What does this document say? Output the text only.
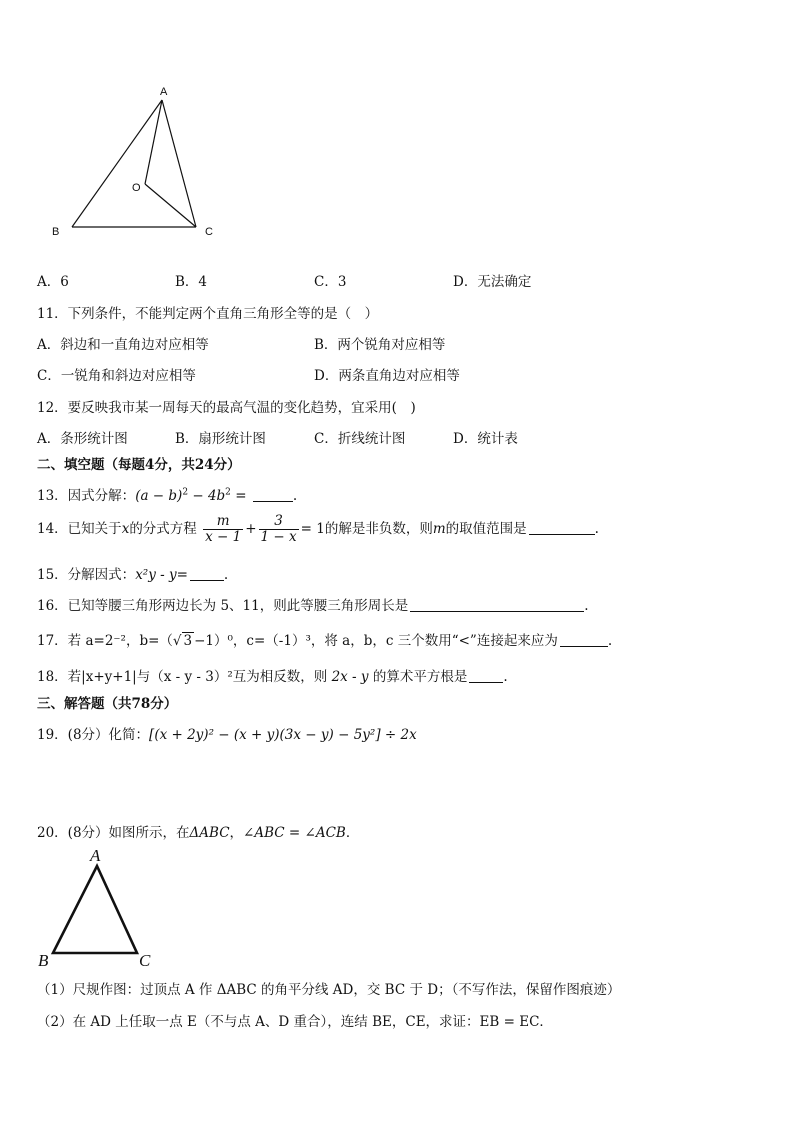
A
O
B	C
A．6	B．4	C．3	D．无法确定
11．下列条件，不能判定两个直角三角形全等的是（　）
A．斜边和一直角边对应相等	B．两个锐角对应相等
C．一锐角和斜边对应相等	D．两条直角边对应相等
12．要反映我市某一周每天的最高气温的变化趋势，宜采用(　)
A．条形统计图	B．扇形统计图	C．折线统计图	D．统计表
二、填空题（每题4分，共24分）
13．因式分解：$(a - b)^2 - 4b^2$ =	.
14．已知关于x的分式方程 $\frac{m}{x - 1} + \frac{3}{1 - x} = 1$的解是非负数，则m的取值范围是	.
15．分解因式：x²y - y=	.
16．已知等腰三角形两边长为 5、11，则此等腰三角形周长是	.
17．若 a=2⁻²，b=（√ 3 −1）⁰，c=（-1）³，将 a，b，c 三个数用“<”连接起来应为	.
18．若|x+y+1|与（x - y - 3）²互为相反数，则 2x - y 的算术平方根是	.
三、解答题（共78分）
19．(8分）化简：[(x + 2y)² − (x + y)(3x − y) − 5y²] ÷ 2x
20．(8分）如图所示，在ΔABC，∠ABC = ∠ACB．
A
B	C
（1）尺规作图：过顶点 A 作 ΔABC 的角平分线 AD，交 BC 于 D；（不写作法，保留作图痕迹）
（2）在 AD 上任取一点 E（不与点 A、D 重合），连结 BE，CE，求证：EB = EC．
